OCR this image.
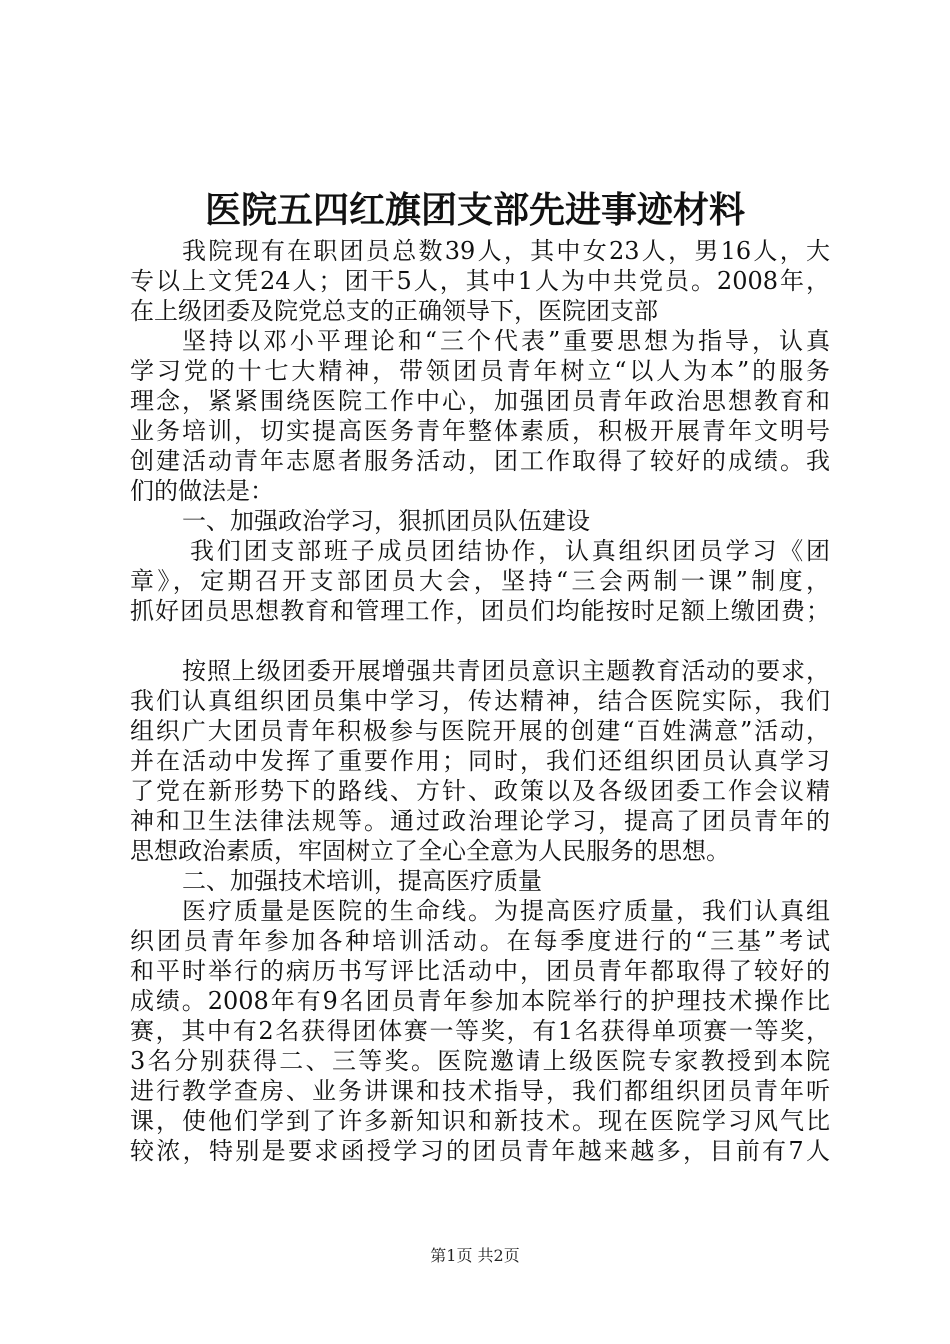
医院五四红旗团支部先进事迹材料
我院现有在职团员总数39人，其中女23人，男16人，大
专以上文凭24人；团干5人，其中1人为中共党员。2008年，
在上级团委及院党总支的正确领导下，医院团支部
坚持以邓小平理论和“三个代表”重要思想为指导，认真
学习党的十七大精神，带领团员青年树立“以人为本”的服务
理念，紧紧围绕医院工作中心，加强团员青年政治思想教育和
业务培训，切实提高医务青年整体素质，积极开展青年文明号
创建活动青年志愿者服务活动，团工作取得了较好的成绩。我
们的做法是：
一、加强政治学习，狠抓团员队伍建设
我们团支部班子成员团结协作，认真组织团员学习《团
章》，定期召开支部团员大会，坚持“三会两制一课”制度，
抓好团员思想教育和管理工作，团员们均能按时足额上缴团费；
按照上级团委开展增强共青团员意识主题教育活动的要求，
我们认真组织团员集中学习，传达精神，结合医院实际，我们
组织广大团员青年积极参与医院开展的创建“百姓满意”活动，
并在活动中发挥了重要作用；同时，我们还组织团员认真学习
了党在新形势下的路线、方针、政策以及各级团委工作会议精
神和卫生法律法规等。通过政治理论学习，提高了团员青年的
思想政治素质，牢固树立了全心全意为人民服务的思想。
二、加强技术培训，提高医疗质量
医疗质量是医院的生命线。为提高医疗质量，我们认真组
织团员青年参加各种培训活动。在每季度进行的“三基”考试
和平时举行的病历书写评比活动中，团员青年都取得了较好的
成绩。2008年有9名团员青年参加本院举行的护理技术操作比
赛，其中有2名获得团体赛一等奖，有1名获得单项赛一等奖，
3名分别获得二、三等奖。医院邀请上级医院专家教授到本院
进行教学查房、业务讲课和技术指导，我们都组织团员青年听
课，使他们学到了许多新知识和新技术。现在医院学习风气比
较浓，特别是要求函授学习的团员青年越来越多，目前有7人
第1页 共2页
